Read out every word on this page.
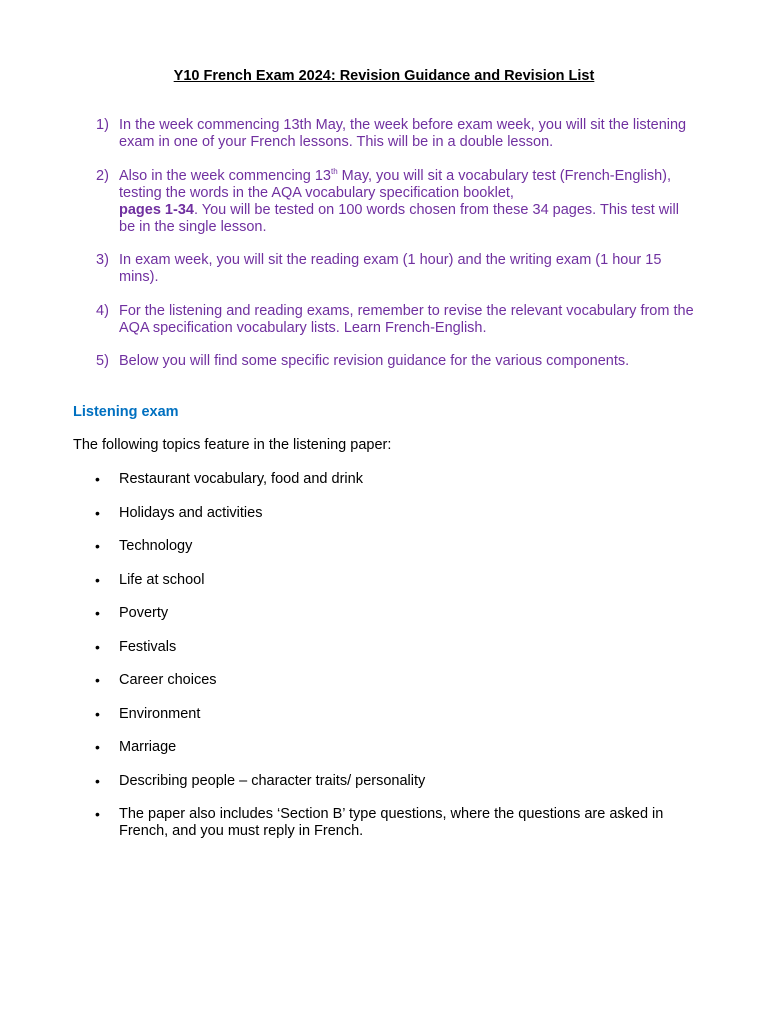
Y10 French Exam 2024: Revision Guidance and Revision List
1) In the week commencing 13th May, the week before exam week, you will sit the listening exam in one of your French lessons. This will be in a double lesson.
2) Also in the week commencing 13th May, you will sit a vocabulary test (French-English), testing the words in the AQA vocabulary specification booklet,
pages 1-34. You will be tested on 100 words chosen from these 34 pages. This test will be in the single lesson.
3) In exam week, you will sit the reading exam (1 hour) and the writing exam (1 hour 15 mins).
4) For the listening and reading exams, remember to revise the relevant vocabulary from the AQA specification vocabulary lists. Learn French-English.
5) Below you will find some specific revision guidance for the various components.
Listening exam
The following topics feature in the listening paper:
• Restaurant vocabulary, food and drink
• Holidays and activities
• Technology
• Life at school
• Poverty
• Festivals
• Career choices
• Environment
• Marriage
• Describing people – character traits/ personality
• The paper also includes ‘Section B’ type questions, where the questions are asked in French, and you must reply in French.
